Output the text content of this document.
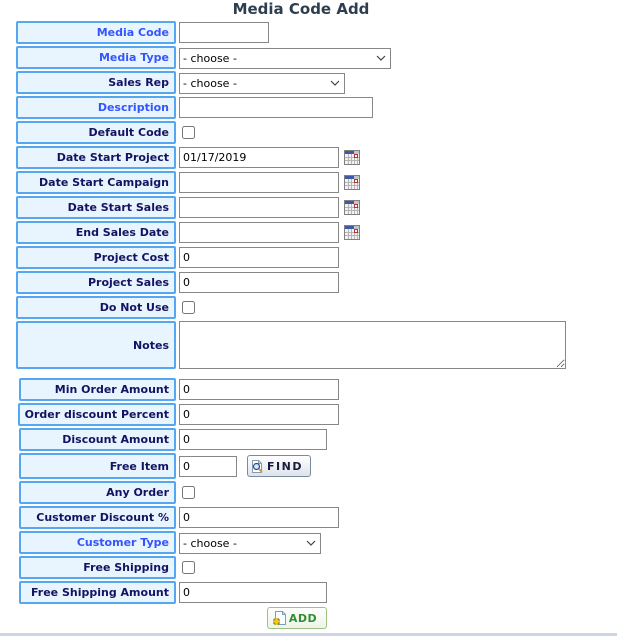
Media Code Add
Media Code
Media Type
- choose -
Sales Rep
- choose -
Description
Default Code
Date Start Project
01/17/2019
Date Start Campaign
Date Start Sales
End Sales Date
Project Cost
0
Project Sales
0
Do Not Use
Notes
Min Order Amount
0
Order discount Percent
0
Discount Amount
0
Free Item
0	FIND
Any Order
Customer Discount %
0
Customer Type
- choose -
Free Shipping
Free Shipping Amount
0
ADD
